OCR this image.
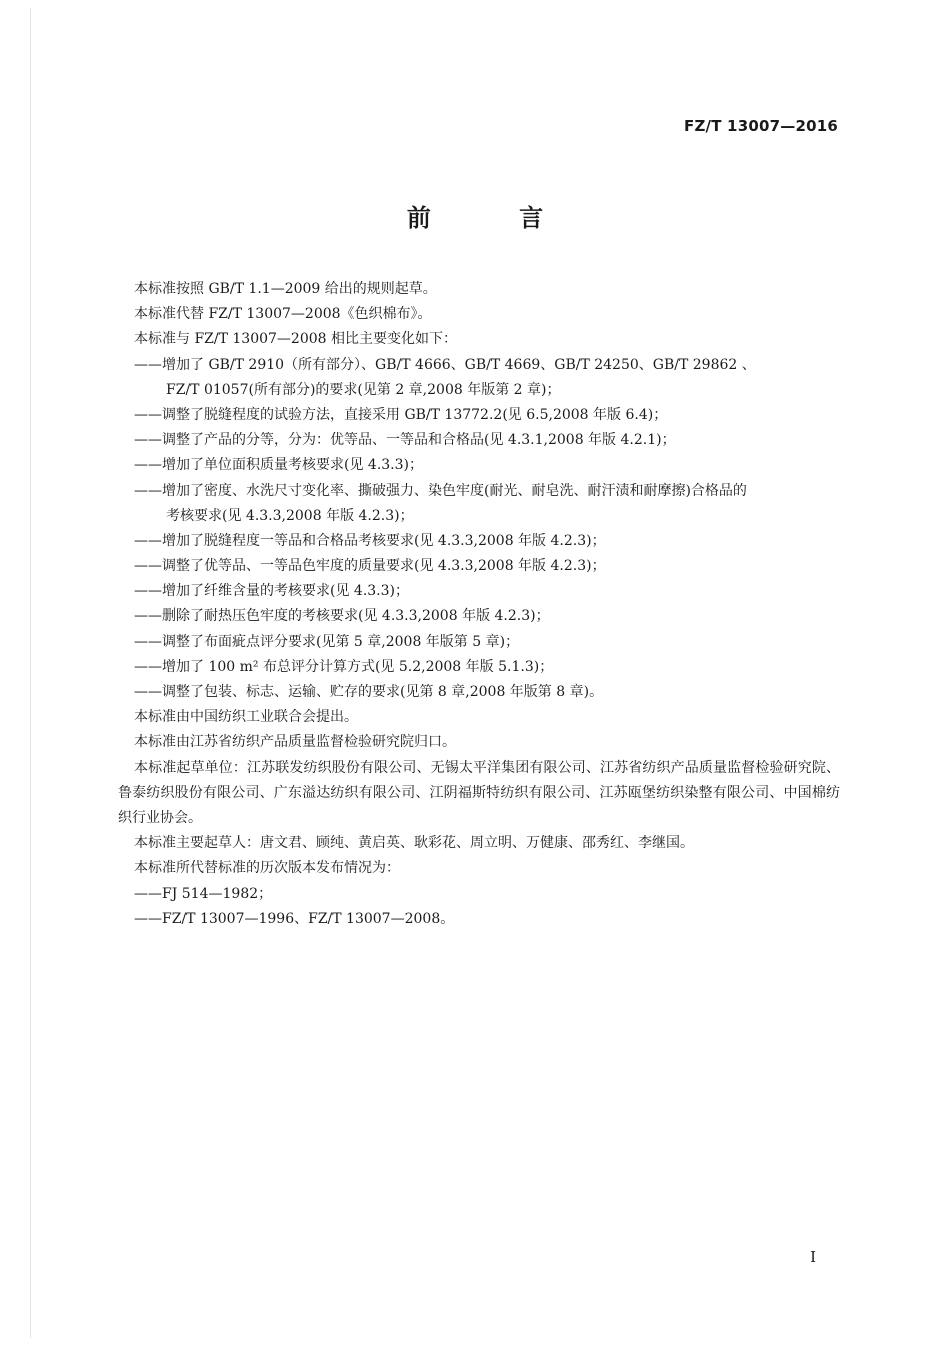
FZ/T 13007—2016
前 言
本标准按照 GB/T 1.1—2009 给出的规则起草。
本标准代替 FZ/T 13007—2008《色织棉布》。
本标准与 FZ/T 13007—2008 相比主要变化如下：
——增加了 GB/T 2910（所有部分）、GB/T 4666、GB/T 4669、GB/T 24250、GB/T 29862 、
FZ/T 01057(所有部分)的要求(见第 2 章,2008 年版第 2 章)；
——调整了脱缝程度的试验方法，直接采用 GB/T 13772.2(见 6.5,2008 年版 6.4)；
——调整了产品的分等，分为：优等品、一等品和合格品(见 4.3.1,2008 年版 4.2.1)；
——增加了单位面积质量考核要求(见 4.3.3)；
——增加了密度、水洗尺寸变化率、撕破强力、染色牢度(耐光、耐皂洗、耐汗渍和耐摩擦)合格品的
考核要求(见 4.3.3,2008 年版 4.2.3)；
——增加了脱缝程度一等品和合格品考核要求(见 4.3.3,2008 年版 4.2.3)；
——调整了优等品、一等品色牢度的质量要求(见 4.3.3,2008 年版 4.2.3)；
——增加了纤维含量的考核要求(见 4.3.3)；
——删除了耐热压色牢度的考核要求(见 4.3.3,2008 年版 4.2.3)；
——调整了布面疵点评分要求(见第 5 章,2008 年版第 5 章)；
——增加了 100 m² 布总评分计算方式(见 5.2,2008 年版 5.1.3)；
——调整了包装、标志、运输、贮存的要求(见第 8 章,2008 年版第 8 章)。
本标准由中国纺织工业联合会提出。
本标准由江苏省纺织产品质量监督检验研究院归口。
本标准起草单位：江苏联发纺织股份有限公司、无锡太平洋集团有限公司、江苏省纺织产品质量监督检验研究院、鲁泰纺织股份有限公司、广东溢达纺织有限公司、江阴福斯特纺织有限公司、江苏瓯堡纺织染整有限公司、中国棉纺织行业协会。
本标准主要起草人：唐文君、顾纯、黄启英、耿彩花、周立明、万健康、邵秀红、李继国。
本标准所代替标准的历次版本发布情况为：
——FJ 514—1982；
——FZ/T 13007—1996、FZ/T 13007—2008。
I
